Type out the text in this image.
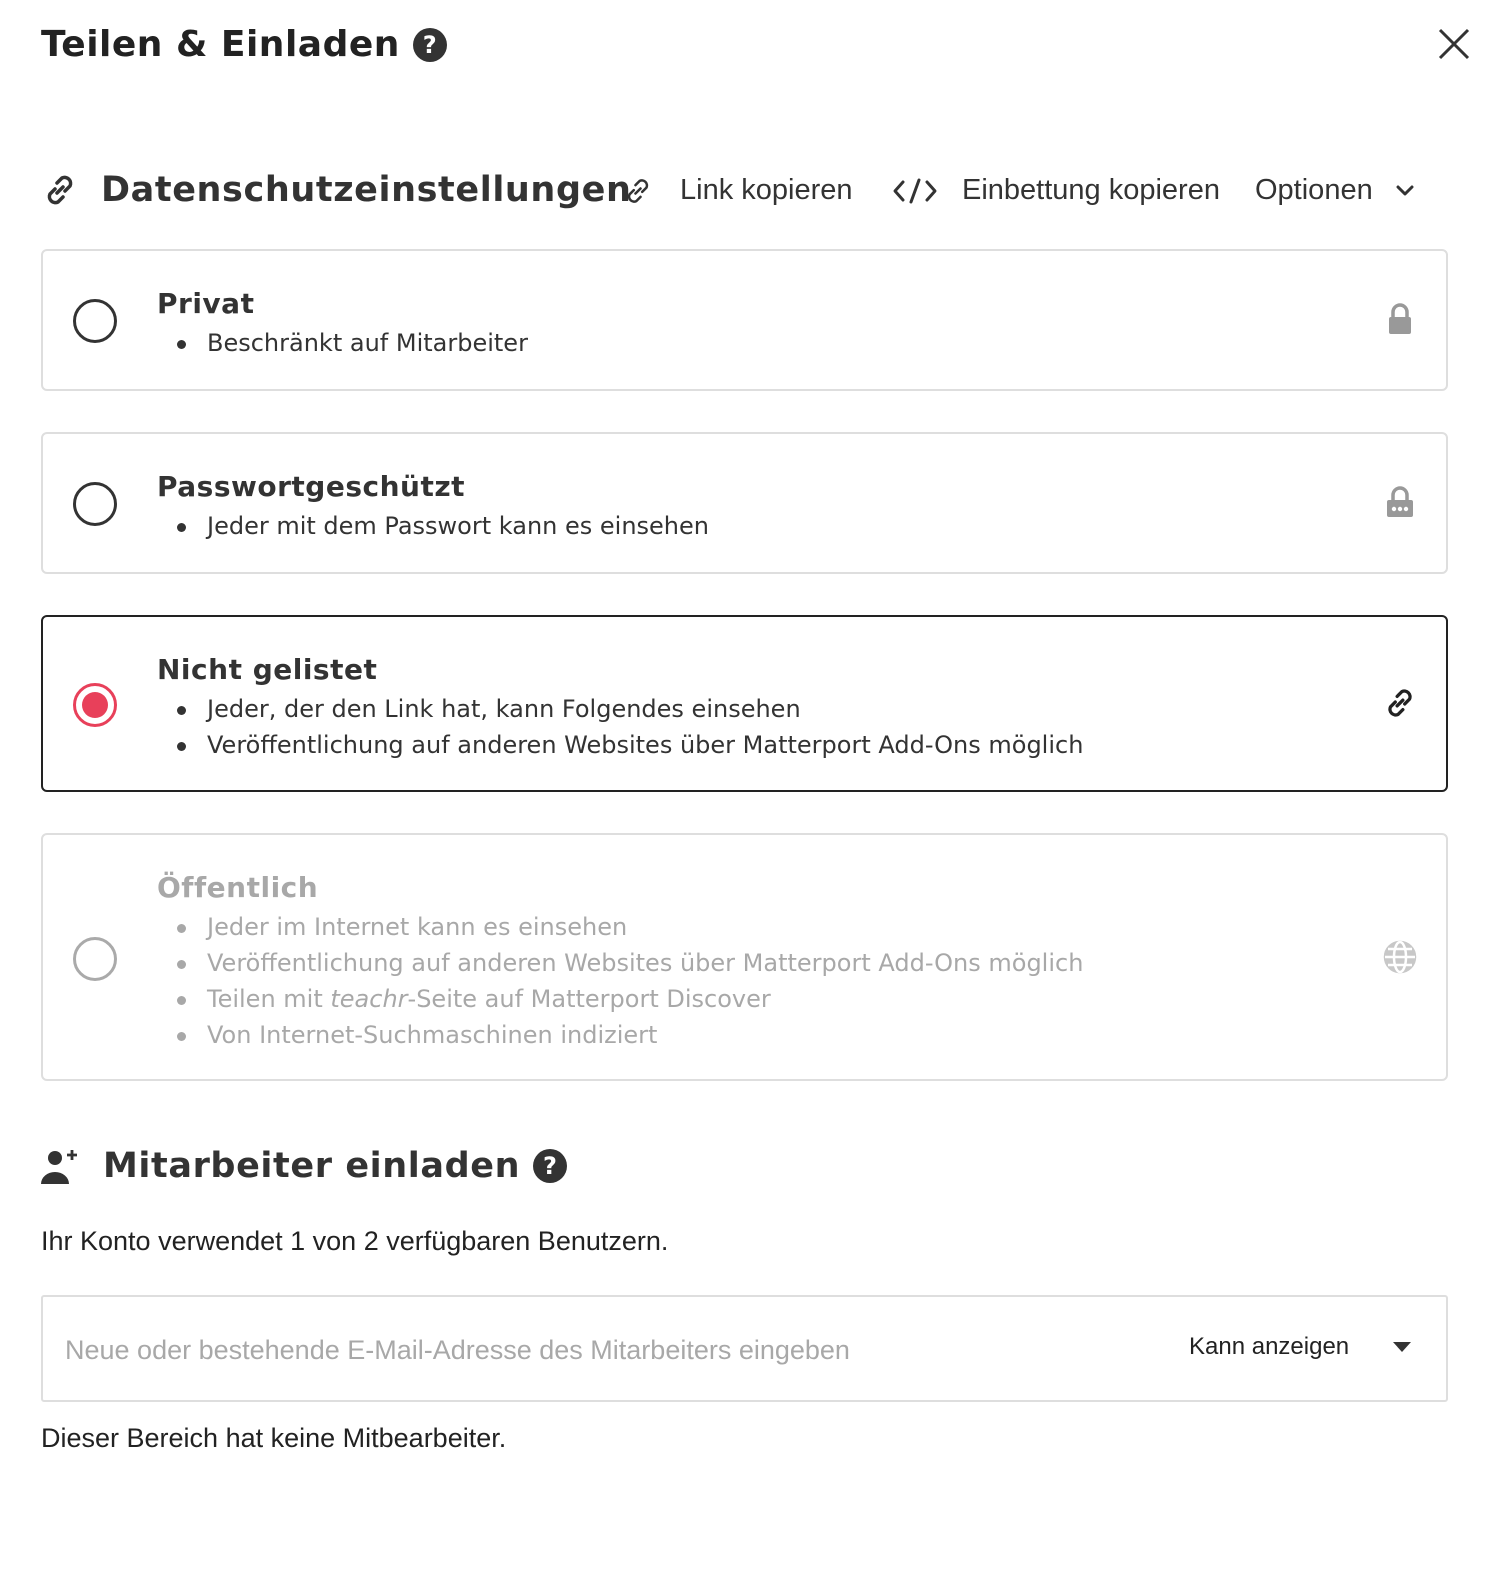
Teilen & Einladen ?
Datenschutzeinstellungen Link kopieren	Einbettung kopieren Optionen
Privat
Beschränkt auf Mitarbeiter
Passwortgeschützt
Jeder mit dem Passwort kann es einsehen
Nicht gelistet
Jeder, der den Link hat, kann Folgendes einsehen
Veröffentlichung auf anderen Websites über Matterport Add-Ons möglich
Öffentlich
Jeder im Internet kann es einsehen
Veröffentlichung auf anderen Websites über Matterport Add-Ons möglich
Teilen mit teachr-Seite auf Matterport Discover
Von Internet-Suchmaschinen indiziert
Mitarbeiter einladen ?
Ihr Konto verwendet 1 von 2 verfügbaren Benutzern.
Neue oder bestehende E-Mail-Adresse des Mitarbeiters eingeben
Kann anzeigen
Dieser Bereich hat keine Mitbearbeiter.
